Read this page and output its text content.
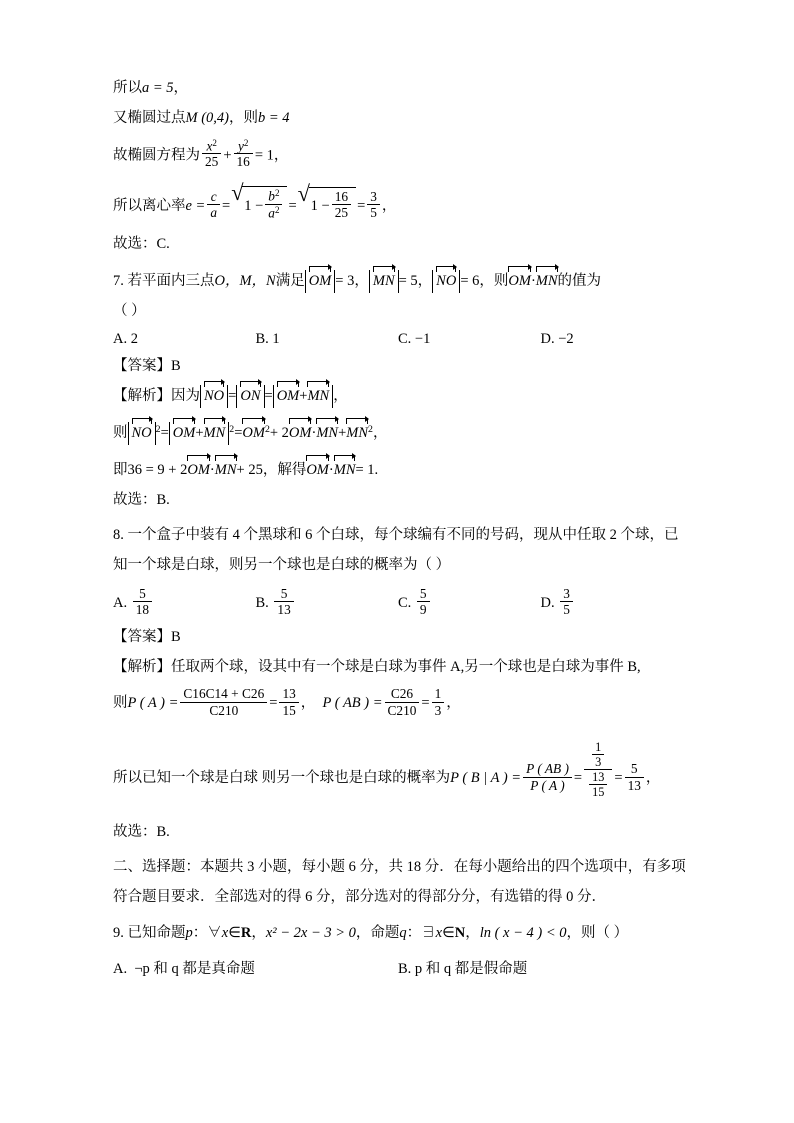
所以a = 5，
又椭圆过点M (0,4)，则b = 4
故椭圆方程为 $\frac{x^2}{25} + \frac{y^2}{16} = 1$，
所以离心率$e = \frac{c}{a}$ = √ $1 - \frac{b^2}{a^2}$ = √ $1 - \frac{16}{25} = \frac{3}{5}$ ，
故选：C.
7. 若平面内三点O，M，N满足 OM = 3， MN = 5， NO = 6，则OM·MN的值为
（ ）
A. 2	B. 1	C. −1	D. −2
【答案】B
【解析】因为 NO = ON = OM+MN ，
则 NO $^2$= OM+MN $^2=OM^2+ 2OM\cdot MN+MN^2$，
即36 = 9 + 2OM·MN+ 25，解得OM·MN= 1.
故选：B.
8. 一个盒子中装有 4 个黑球和 6 个白球，每个球编有不同的号码，现从中任取 2 个球，已
知一个球是白球，则另一个球也是白球的概率为（ ）
A. $\frac{5}{18}$	B. $\frac{5}{13}$	C. $\frac{5}{9}$	D. $\frac{3}{5}$
【答案】B
【解析】任取两个球，设其中有一个球是白球为事件 A,另一个球也是白球为事件 B,
则P ( A ) = $\frac{C16C14 + C26}{C210} = \frac{13}{15}$ ， P ( AB ) = $\frac{C26}{C210} = \frac{1}{3}$ ，
所以已知一个球是白球 则另一个球也是白球的概率为P ( B | A ) = $\frac{P ( AB )}{P ( A )} = \frac{\frac{1}{3}}{\frac{13}{15}} = \frac{5}{13}$ ，
故选：B.
二、选择题：本题共 3 小题，每小题 6 分，共 18 分．在每小题给出的四个选项中，有多项
符合题目要求．全部选对的得 6 分，部分选对的得部分分，有选错的得 0 分．
9. 已知命题p：∀x∈R，x² − 2x − 3 > 0，命题q：∃x∈N，ln ( x − 4 ) < 0，则（ ）
A. ¬p 和 q 都是真命题	B. p 和 q 都是假命题
